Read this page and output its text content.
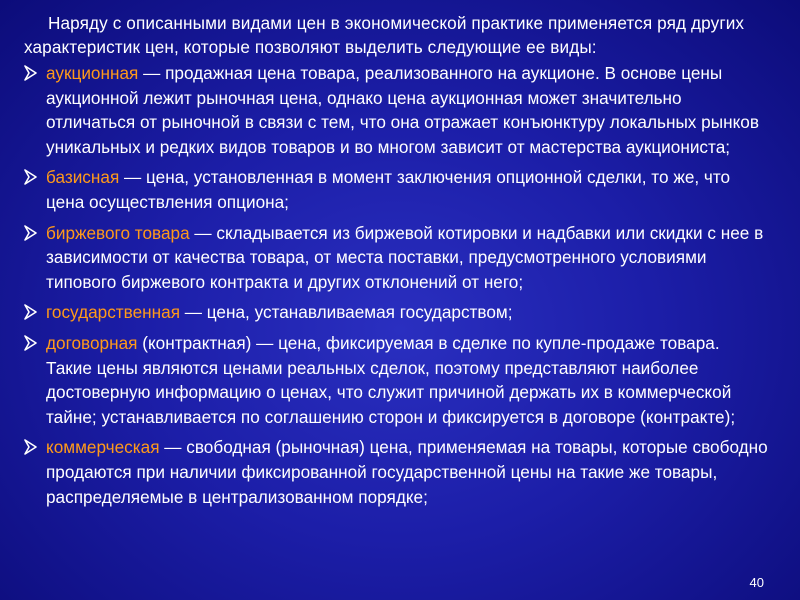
Наряду с описанными видами цен в экономической практике применяется ряд других характеристик цен, которые позволяют выделить следующие ее виды:

аукционная — продажная цена товара, реализованного на аукционе. В основе цены аукционной лежит рыночная цена, однако цена аукционная может значительно отличаться от рыночной в связи с тем, что она отражает конъюнктуру локальных рынков уникальных и редких видов товаров и во многом зависит от мастерства аукциониста;
базисная — цена, установленная в момент заключения опционной сделки, то же, что цена осуществления опциона;
биржевого товара — складывается из биржевой котировки и надбавки или скидки с нее в зависимости от качества товара, от места поставки, предусмотренного условиями типового биржевого контракта и других отклонений от него;
государственная — цена, устанавливаемая государством;
договорная (контрактная) — цена, фиксируемая в сделке по купле-продаже товара. Такие цены являются ценами реальных сделок, поэтому представляют наиболее достоверную информацию о ценах, что служит причиной держать их в коммерческой тайне; устанавливается по соглашению сторон и фиксируется в договоре (контракте);
коммерческая — свободная (рыночная) цена, применяемая на товары, которые свободно продаются при наличии фиксированной государственной цены на такие же товары, распределяемые в централизованном порядке;
40
